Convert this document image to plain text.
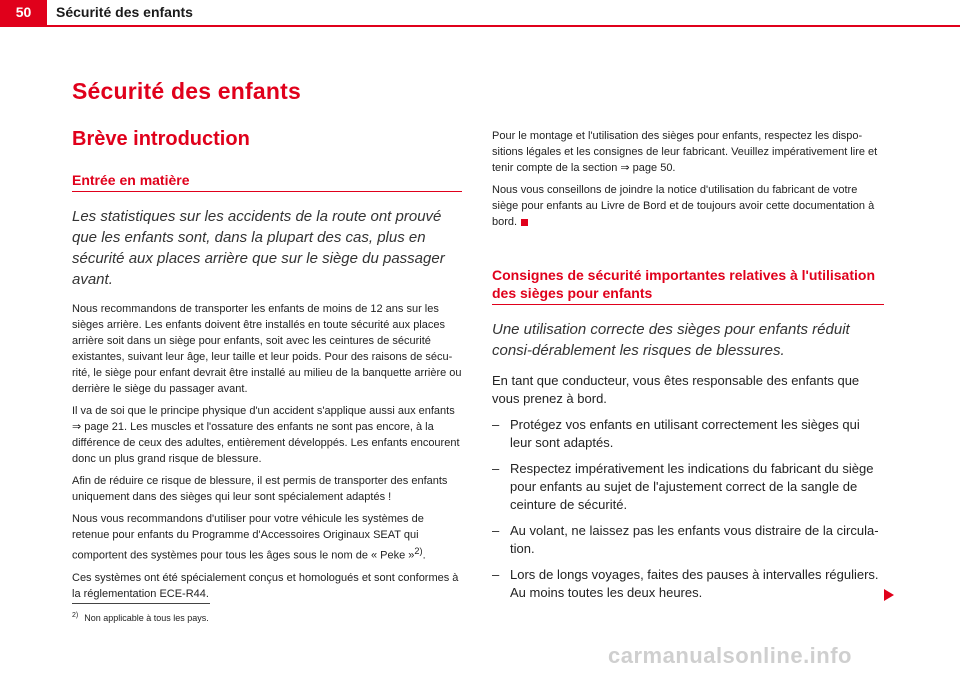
50	Sécurité des enfants
Sécurité des enfants
Brève introduction
Entrée en matière

Les statistiques sur les accidents de la route ont prouvé que les enfants sont, dans la plupart des cas, plus en sécurité aux places arrière que sur le siège du passager avant.

Nous recommandons de transporter les enfants de moins de 12 ans sur les sièges arrière. Les enfants doivent être installés en toute sécurité aux places arrière soit dans un siège pour enfants, soit avec les ceintures de sécurité existantes, suivant leur âge, leur taille et leur poids. Pour des raisons de sécu-rité, le siège pour enfant devrait être installé au milieu de la banquette arrière ou derrière le siège du passager avant.

Il va de soi que le principe physique d'un accident s'applique aussi aux enfants ⇒ page 21. Les muscles et l'ossature des enfants ne sont pas encore, à la différence de ceux des adultes, entièrement développés. Les enfants encourent donc un plus grand risque de blessure.

Afin de réduire ce risque de blessure, il est permis de transporter des enfants uniquement dans des sièges qui leur sont spécialement adaptés !

Nous vous recommandons d'utiliser pour votre véhicule les systèmes de retenue pour enfants du Programme d'Accessoires Originaux SEAT qui comportent des systèmes pour tous les âges sous le nom de « Peke »$^{2)}$.

Ces systèmes ont été spécialement conçus et homologués et sont conformes à la réglementation ECE-R44.

Pour le montage et l'utilisation des sièges pour enfants, respectez les dispo-sitions légales et les consignes de leur fabricant. Veuillez impérativement lire et tenir compte de la section ⇒ page 50.

Nous vous conseillons de joindre la notice d'utilisation du fabricant de votre siège pour enfants au Livre de Bord et de toujours avoir cette documentation à bord.

Consignes de sécurité importantes relatives à l'utilisation des sièges pour enfants

Une utilisation correcte des sièges pour enfants réduit consi-dérablement les risques de blessures.

En tant que conducteur, vous êtes responsable des enfants que vous prenez à bord.

– Protégez vos enfants en utilisant correctement les sièges qui leur sont adaptés.
– Respectez impérativement les indications du fabricant du siège pour enfants au sujet de l'ajustement correct de la sangle de ceinture de sécurité.
– Au volant, ne laissez pas les enfants vous distraire de la circula-tion.
– Lors de longs voyages, faites des pauses à intervalles réguliers. Au moins toutes les deux heures.
$^{2)}$ Non applicable à tous les pays.
carmanualsonline.info
